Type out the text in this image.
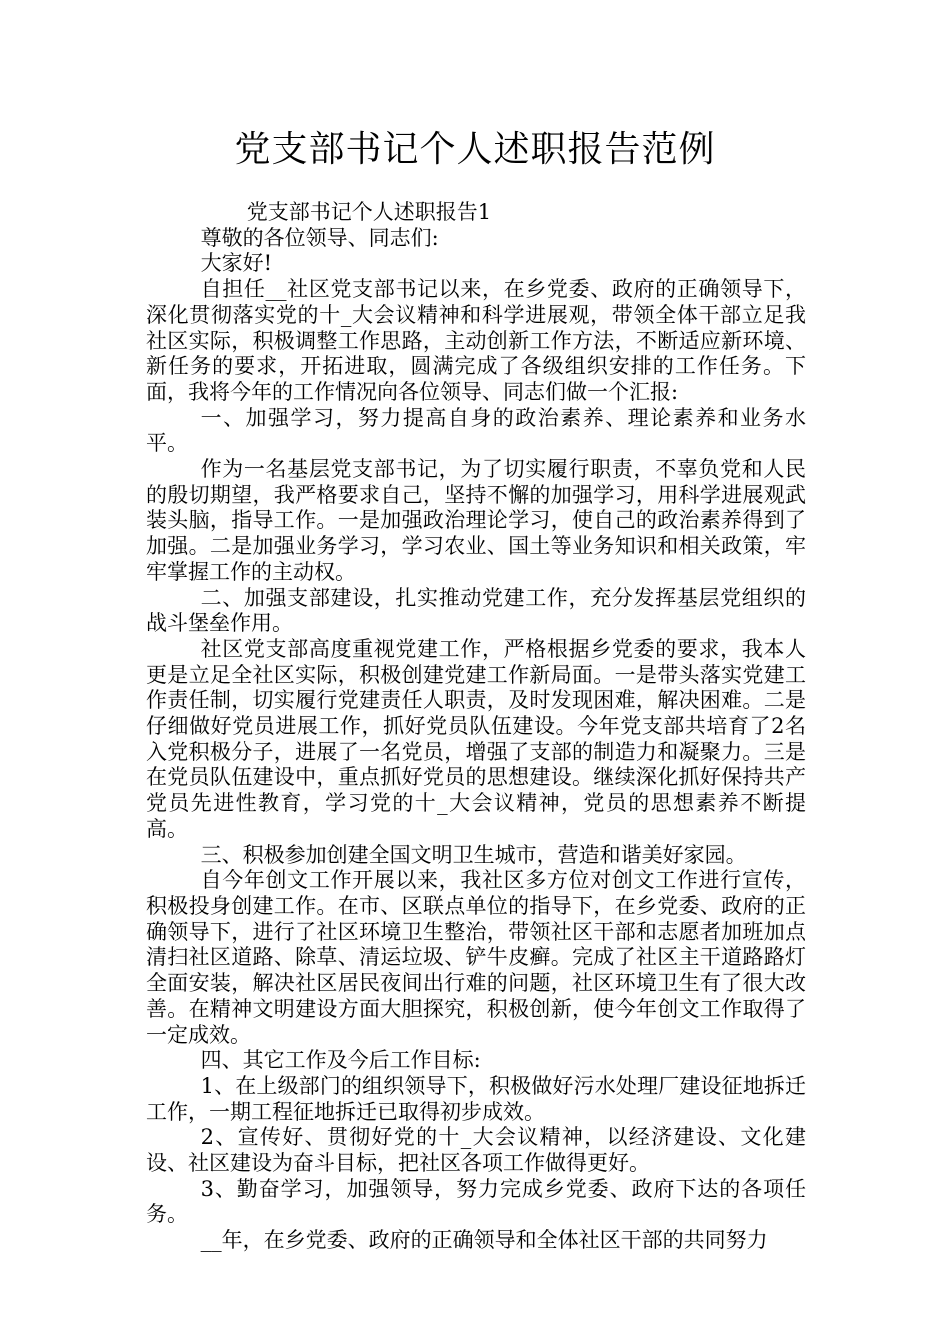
党支部书记个人述职报告范例

党支部书记个人述职报告1

尊敬的各位领导、同志们:

大家好!

自担任__社区党支部书记以来，在乡党委、政府的正确领导下，深化贯彻落实党的十_大会议精神和科学进展观，带领全体干部立足我社区实际，积极调整工作思路，主动创新工作方法，不断适应新环境、新任务的要求，开拓进取，圆满完成了各级组织安排的工作任务。下面，我将今年的工作情况向各位领导、同志们做一个汇报:

一、加强学习，努力提高自身的政治素养、理论素养和业务水平。

作为一名基层党支部书记，为了切实履行职责，不辜负党和人民的殷切期望，我严格要求自己，坚持不懈的加强学习，用科学进展观武装头脑，指导工作。一是加强政治理论学习，使自己的政治素养得到了加强。二是加强业务学习，学习农业、国土等业务知识和相关政策，牢牢掌握工作的主动权。

二、加强支部建设，扎实推动党建工作，充分发挥基层党组织的战斗堡垒作用。

社区党支部高度重视党建工作，严格根据乡党委的要求，我本人更是立足全社区实际，积极创建党建工作新局面。一是带头落实党建工作责任制，切实履行党建责任人职责，及时发现困难，解决困难。二是仔细做好党员进展工作，抓好党员队伍建设。今年党支部共培育了2名入党积极分子，进展了一名党员，增强了支部的制造力和凝聚力。三是在党员队伍建设中，重点抓好党员的思想建设。继续深化抓好保持共产党员先进性教育，学习党的十_大会议精神，党员的思想素养不断提高。

三、积极参加创建全国文明卫生城市，营造和谐美好家园。

自今年创文工作开展以来，我社区多方位对创文工作进行宣传，积极投身创建工作。在市、区联点单位的指导下，在乡党委、政府的正确领导下，进行了社区环境卫生整治，带领社区干部和志愿者加班加点清扫社区道路、除草、清运垃圾、铲牛皮癣。完成了社区主干道路路灯全面安装，解决社区居民夜间出行难的问题，社区环境卫生有了很大改善。在精神文明建设方面大胆探究，积极创新，使今年创文工作取得了一定成效。

四、其它工作及今后工作目标:

1、在上级部门的组织领导下，积极做好污水处理厂建设征地拆迁工作，一期工程征地拆迁已取得初步成效。

2、宣传好、贯彻好党的十_大会议精神，以经济建设、文化建设、社区建设为奋斗目标，把社区各项工作做得更好。

3、勤奋学习，加强领导，努力完成乡党委、政府下达的各项任务。

__年，在乡党委、政府的正确领导和全体社区干部的共同努力
